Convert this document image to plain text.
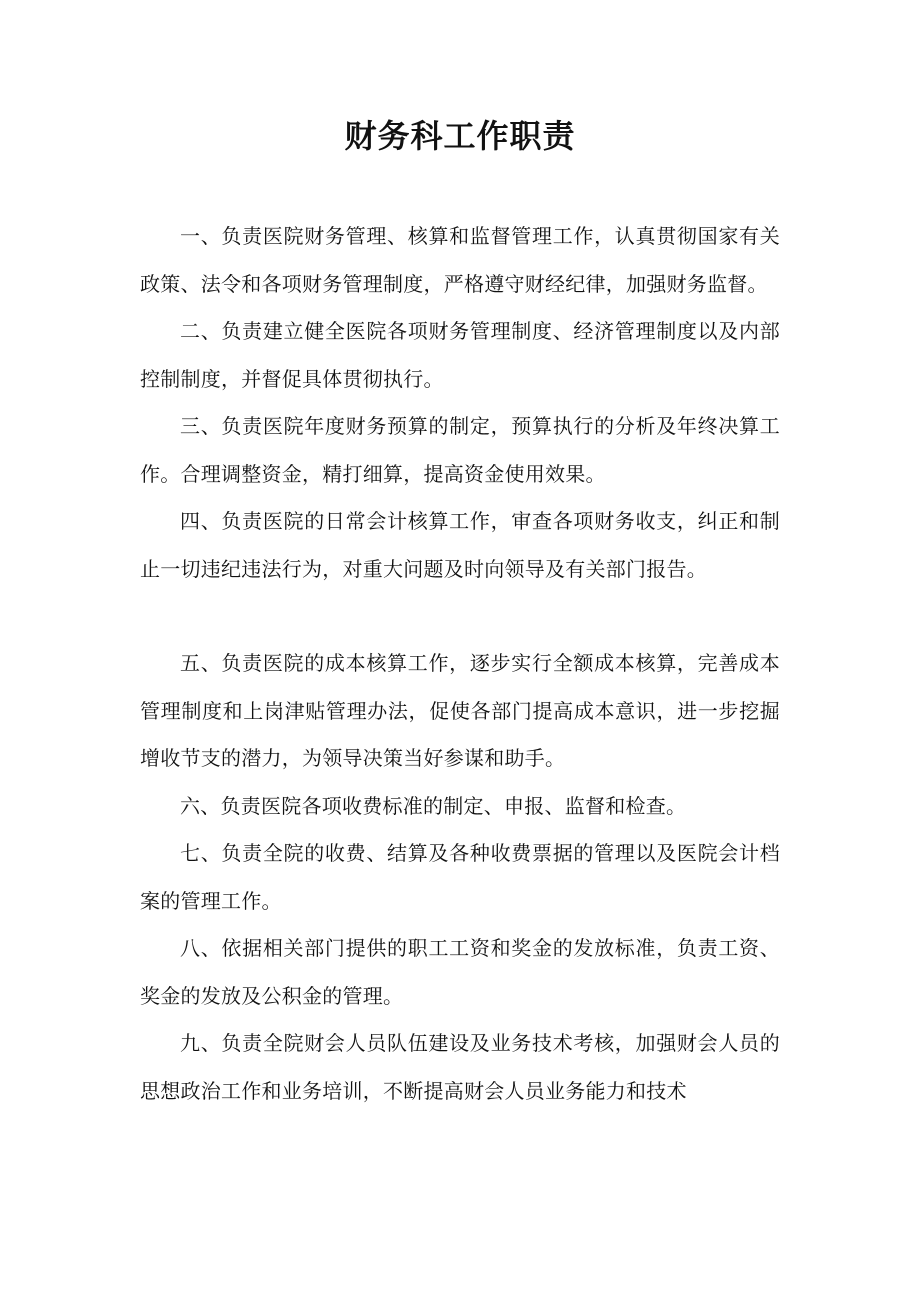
财务科工作职责

一、负责医院财务管理、核算和监督管理工作，认真贯彻国家有关政策、法令和各项财务管理制度，严格遵守财经纪律，加强财务监督。

二、负责建立健全医院各项财务管理制度、经济管理制度以及内部控制制度，并督促具体贯彻执行。

三、负责医院年度财务预算的制定，预算执行的分析及年终决算工作。合理调整资金，精打细算，提高资金使用效果。

四、负责医院的日常会计核算工作，审查各项财务收支，纠正和制止一切违纪违法行为，对重大问题及时向领导及有关部门报告。

五、负责医院的成本核算工作，逐步实行全额成本核算，完善成本管理制度和上岗津贴管理办法，促使各部门提高成本意识，进一步挖掘增收节支的潜力，为领导决策当好参谋和助手。

六、负责医院各项收费标准的制定、申报、监督和检查。

七、负责全院的收费、结算及各种收费票据的管理以及医院会计档案的管理工作。

八、依据相关部门提供的职工工资和奖金的发放标准，负责工资、奖金的发放及公积金的管理。

九、负责全院财会人员队伍建设及业务技术考核，加强财会人员的思想政治工作和业务培训，不断提高财会人员业务能力和技术
